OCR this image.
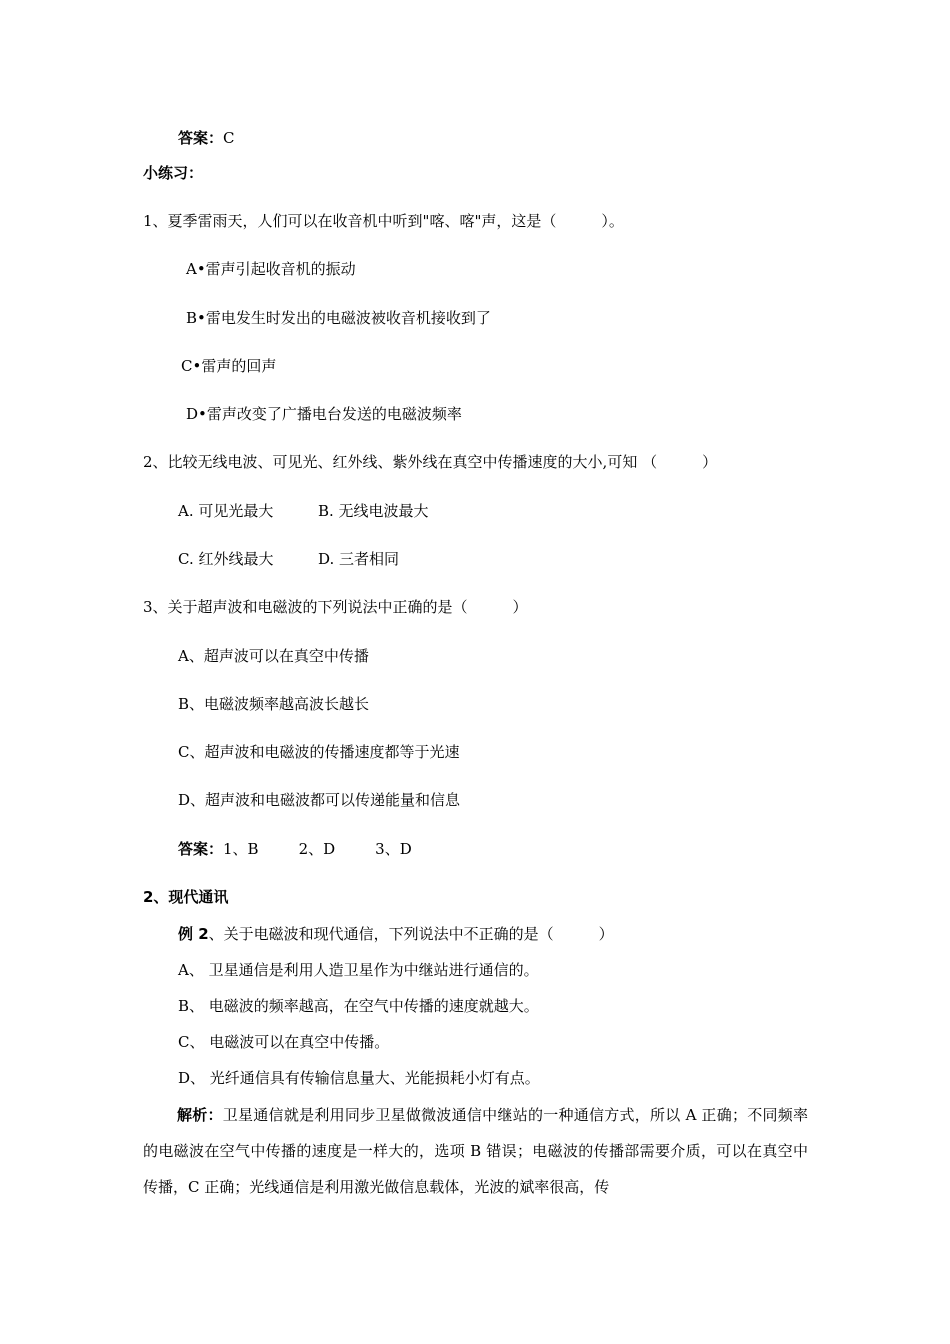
答案：C
小练习：
1、夏季雷雨天，人们可以在收音机中听到"喀、喀"声，这是（　　　）。
A•雷声引起收音机的振动
B•雷电发生时发出的电磁波被收音机接收到了
C•雷声的回声
D•雷声改变了广播电台发送的电磁波频率
2、比较无线电波、可见光、红外线、紫外线在真空中传播速度的大小,可知 （　　　）
A. 可见光最大	B. 无线电波最大
C. 红外线最大	D. 三者相同
3、关于超声波和电磁波的下列说法中正确的是（　　　）
A、超声波可以在真空中传播
B、电磁波频率越高波长越长
C、超声波和电磁波的传播速度都等于光速
D、超声波和电磁波都可以传递能量和信息
答案：1、B	2、D	3、D
2、现代通讯
例 2、关于电磁波和现代通信，下列说法中不正确的是（　　　）
A、 卫星通信是利用人造卫星作为中继站进行通信的。
B、 电磁波的频率越高，在空气中传播的速度就越大。
C、 电磁波可以在真空中传播。
D、 光纤通信具有传输信息量大、光能损耗小灯有点。
解析：卫星通信就是利用同步卫星做微波通信中继站的一种通信方式，所以 A 正确；不同频率的电磁波在空气中传播的速度是一样大的，选项 B 错误；电磁波的传播部需要介质，可以在真空中传播，C 正确；光线通信是利用激光做信息载体，光波的斌率很高，传
